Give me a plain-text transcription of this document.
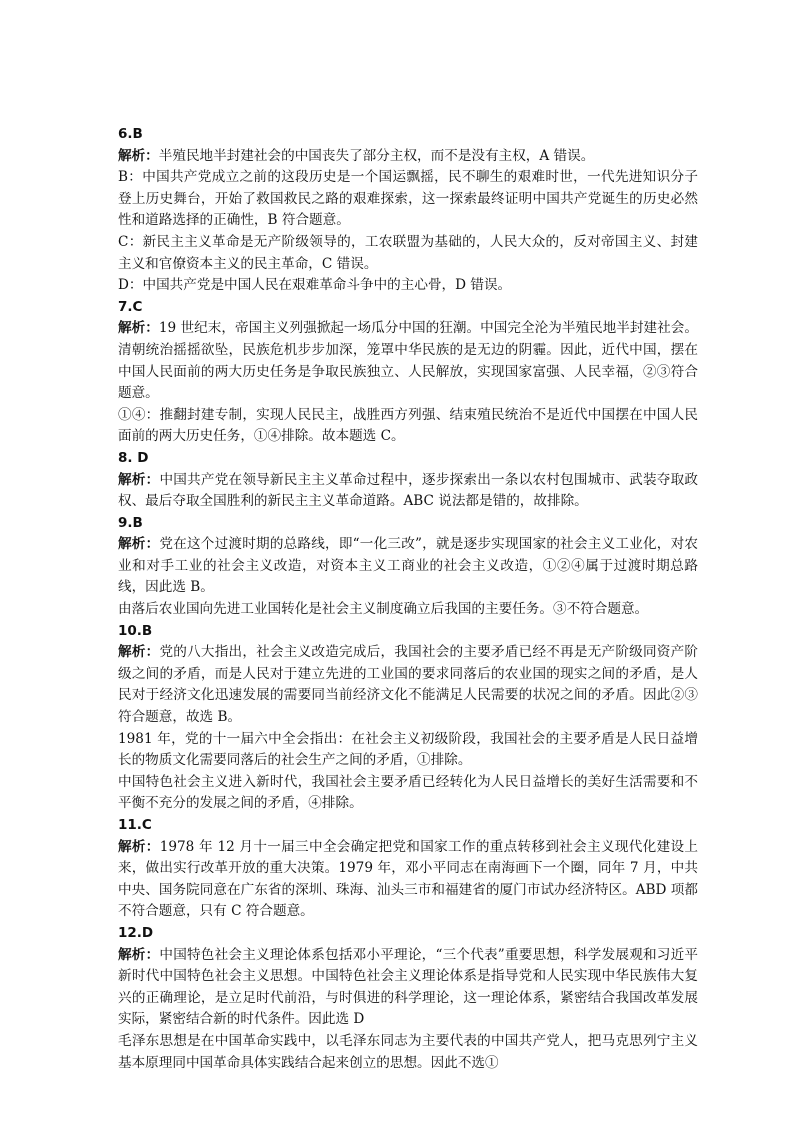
6.B

解析：半殖民地半封建社会的中国丧失了部分主权，而不是没有主权，A 错误。

B：中国共产党成立之前的这段历史是一个国运飘摇，民不聊生的艰难时世，一代先进知识分子登上历史舞台，开始了救国救民之路的艰难探索，这一探索最终证明中国共产党诞生的历史必然性和道路选择的正确性，B 符合题意。

C：新民主主义革命是无产阶级领导的，工农联盟为基础的，人民大众的，反对帝国主义、封建主义和官僚资本主义的民主革命，C 错误。

D：中国共产党是中国人民在艰难革命斗争中的主心骨，D 错误。

7.C

解析：19 世纪末，帝国主义列强掀起一场瓜分中国的狂潮。中国完全沦为半殖民地半封建社会。清朝统治摇摇欲坠，民族危机步步加深，笼罩中华民族的是无边的阴霾。因此，近代中国，摆在中国人民面前的两大历史任务是争取民族独立、人民解放，实现国家富强、人民幸福，②③符合题意。

①④：推翻封建专制，实现人民民主，战胜西方列强、结束殖民统治不是近代中国摆在中国人民面前的两大历史任务，①④排除。故本题选 C。

8. D

解析：中国共产党在领导新民主主义革命过程中，逐步探索出一条以农村包围城市、武装夺取政权、最后夺取全国胜利的新民主主义革命道路。ABC 说法都是错的，故排除。

9.B

解析：党在这个过渡时期的总路线，即“一化三改”，就是逐步实现国家的社会主义工业化，对农业和对手工业的社会主义改造，对资本主义工商业的社会主义改造，①②④属于过渡时期总路线，因此选 B。

由落后农业国向先进工业国转化是社会主义制度确立后我国的主要任务。③不符合题意。

10.B

解析：党的八大指出，社会主义改造完成后，我国社会的主要矛盾已经不再是无产阶级同资产阶级之间的矛盾，而是人民对于建立先进的工业国的要求同落后的农业国的现实之间的矛盾，是人民对于经济文化迅速发展的需要同当前经济文化不能满足人民需要的状况之间的矛盾。因此②③符合题意，故选 B。

1981 年，党的十一届六中全会指出：在社会主义初级阶段，我国社会的主要矛盾是人民日益增长的物质文化需要同落后的社会生产之间的矛盾，①排除。

中国特色社会主义进入新时代，我国社会主要矛盾已经转化为人民日益增长的美好生活需要和不平衡不充分的发展之间的矛盾，④排除。

11.C

解析：1978 年 12 月十一届三中全会确定把党和国家工作的重点转移到社会主义现代化建设上来，做出实行改革开放的重大决策。1979 年，邓小平同志在南海画下一个圈，同年 7 月，中共中央、国务院同意在广东省的深圳、珠海、汕头三市和福建省的厦门市试办经济特区。ABD 项都不符合题意，只有 C 符合题意。

12.D

解析：中国特色社会主义理论体系包括邓小平理论，“三个代表”重要思想，科学发展观和习近平新时代中国特色社会主义思想。中国特色社会主义理论体系是指导党和人民实现中华民族伟大复兴的正确理论，是立足时代前沿，与时俱进的科学理论，这一理论体系，紧密结合我国改革发展实际，紧密结合新的时代条件。因此选 D

毛泽东思想是在中国革命实践中，以毛泽东同志为主要代表的中国共产党人，把马克思列宁主义基本原理同中国革命具体实践结合起来创立的思想。因此不选①
